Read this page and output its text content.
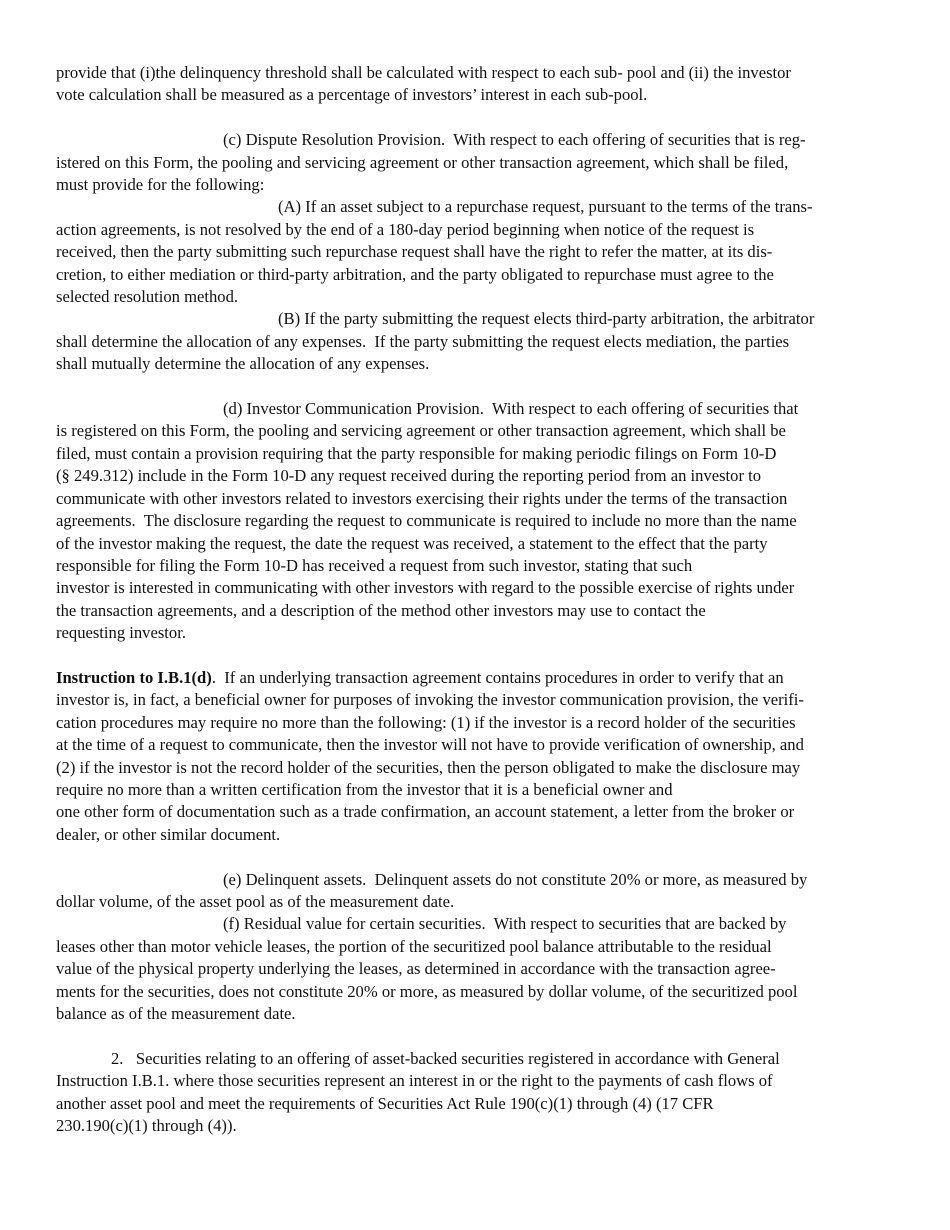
provide that (i)the delinquency threshold shall be calculated with respect to each sub- pool and (ii) the investor
vote calculation shall be measured as a percentage of investors’ interest in each sub-pool.
(c) Dispute Resolution Provision.  With respect to each offering of securities that is reg-
istered on this Form, the pooling and servicing agreement or other transaction agreement, which shall be filed,
must provide for the following:
(A) If an asset subject to a repurchase request, pursuant to the terms of the trans-
action agreements, is not resolved by the end of a 180-day period beginning when notice of the request is
received, then the party submitting such repurchase request shall have the right to refer the matter, at its dis-
cretion, to either mediation or third-party arbitration, and the party obligated to repurchase must agree to the
selected resolution method.
(B) If the party submitting the request elects third-party arbitration, the arbitrator
shall determine the allocation of any expenses.  If the party submitting the request elects mediation, the parties
shall mutually determine the allocation of any expenses.
(d) Investor Communication Provision.  With respect to each offering of securities that
is registered on this Form, the pooling and servicing agreement or other transaction agreement, which shall be
filed, must contain a provision requiring that the party responsible for making periodic filings on Form 10-D
(§ 249.312) include in the Form 10-D any request received during the reporting period from an investor to
communicate with other investors related to investors exercising their rights under the terms of the transaction
agreements.  The disclosure regarding the request to communicate is required to include no more than the name
of the investor making the request, the date the request was received, a statement to the effect that the party
responsible for filing the Form 10-D has received a request from such investor, stating that such
investor is interested in communicating with other investors with regard to the possible exercise of rights under
the transaction agreements, and a description of the method other investors may use to contact the
requesting investor.
Instruction to I.B.1(d).  If an underlying transaction agreement contains procedures in order to verify that an
investor is, in fact, a beneficial owner for purposes of invoking the investor communication provision, the verifi-
cation procedures may require no more than the following: (1) if the investor is a record holder of the securities
at the time of a request to communicate, then the investor will not have to provide verification of ownership, and
(2) if the investor is not the record holder of the securities, then the person obligated to make the disclosure may
require no more than a written certification from the investor that it is a beneficial owner and
one other form of documentation such as a trade confirmation, an account statement, a letter from the broker or
dealer, or other similar document.
(e) Delinquent assets.  Delinquent assets do not constitute 20% or more, as measured by
dollar volume, of the asset pool as of the measurement date.
(f) Residual value for certain securities.  With respect to securities that are backed by
leases other than motor vehicle leases, the portion of the securitized pool balance attributable to the residual
value of the physical property underlying the leases, as determined in accordance with the transaction agree-
ments for the securities, does not constitute 20% or more, as measured by dollar volume, of the securitized pool
balance as of the measurement date.
2.   Securities relating to an offering of asset-backed securities registered in accordance with General
Instruction I.B.1. where those securities represent an interest in or the right to the payments of cash flows of
another asset pool and meet the requirements of Securities Act Rule 190(c)(1) through (4) (17 CFR
230.190(c)(1) through (4)).
